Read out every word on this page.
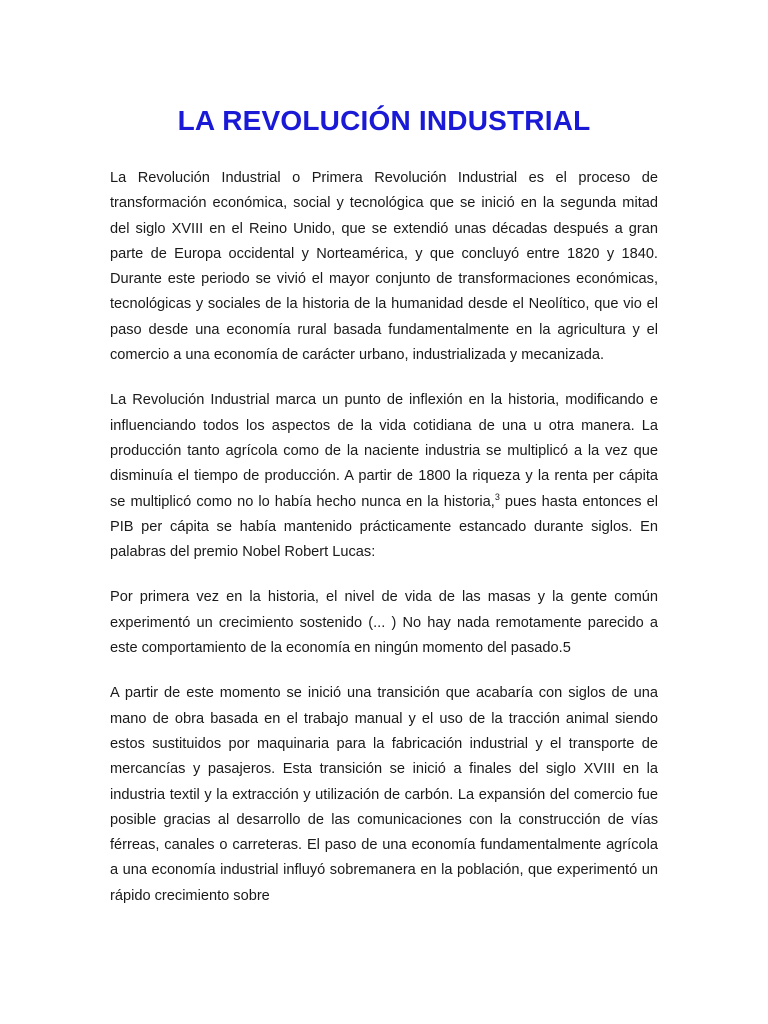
LA REVOLUCIÓN INDUSTRIAL

La Revolución Industrial o Primera Revolución Industrial es el proceso de transformación económica, social y tecnológica que se inició en la segunda mitad del siglo XVIII en el Reino Unido, que se extendió unas décadas después a gran parte de Europa occidental y Norteamérica, y que concluyó entre 1820 y 1840. Durante este periodo se vivió el mayor conjunto de transformaciones económicas, tecnológicas y sociales de la historia de la humanidad desde el Neolítico, que vio el paso desde una economía rural basada fundamentalmente en la agricultura y el comercio a una economía de carácter urbano, industrializada y mecanizada.

La Revolución Industrial marca un punto de inflexión en la historia, modificando e influenciando todos los aspectos de la vida cotidiana de una u otra manera. La producción tanto agrícola como de la naciente industria se multiplicó a la vez que disminuía el tiempo de producción. A partir de 1800 la riqueza y la renta per cápita se multiplicó como no lo había hecho nunca en la historia,$^3$ pues hasta entonces el PIB per cápita se había mantenido prácticamente estancado durante siglos. En palabras del premio Nobel Robert Lucas:

Por primera vez en la historia, el nivel de vida de las masas y la gente común experimentó un crecimiento sostenido (... ) No hay nada remotamente parecido a este comportamiento de la economía en ningún momento del pasado.5

A partir de este momento se inició una transición que acabaría con siglos de una mano de obra basada en el trabajo manual y el uso de la tracción animal siendo estos sustituidos por maquinaria para la fabricación industrial y el transporte de mercancías y pasajeros. Esta transición se inició a finales del siglo XVIII en la industria textil y la extracción y utilización de carbón. La expansión del comercio fue posible gracias al desarrollo de las comunicaciones con la construcción de vías férreas, canales o carreteras. El paso de una economía fundamentalmente agrícola a una economía industrial influyó sobremanera en la población, que experimentó un rápido crecimiento sobre
